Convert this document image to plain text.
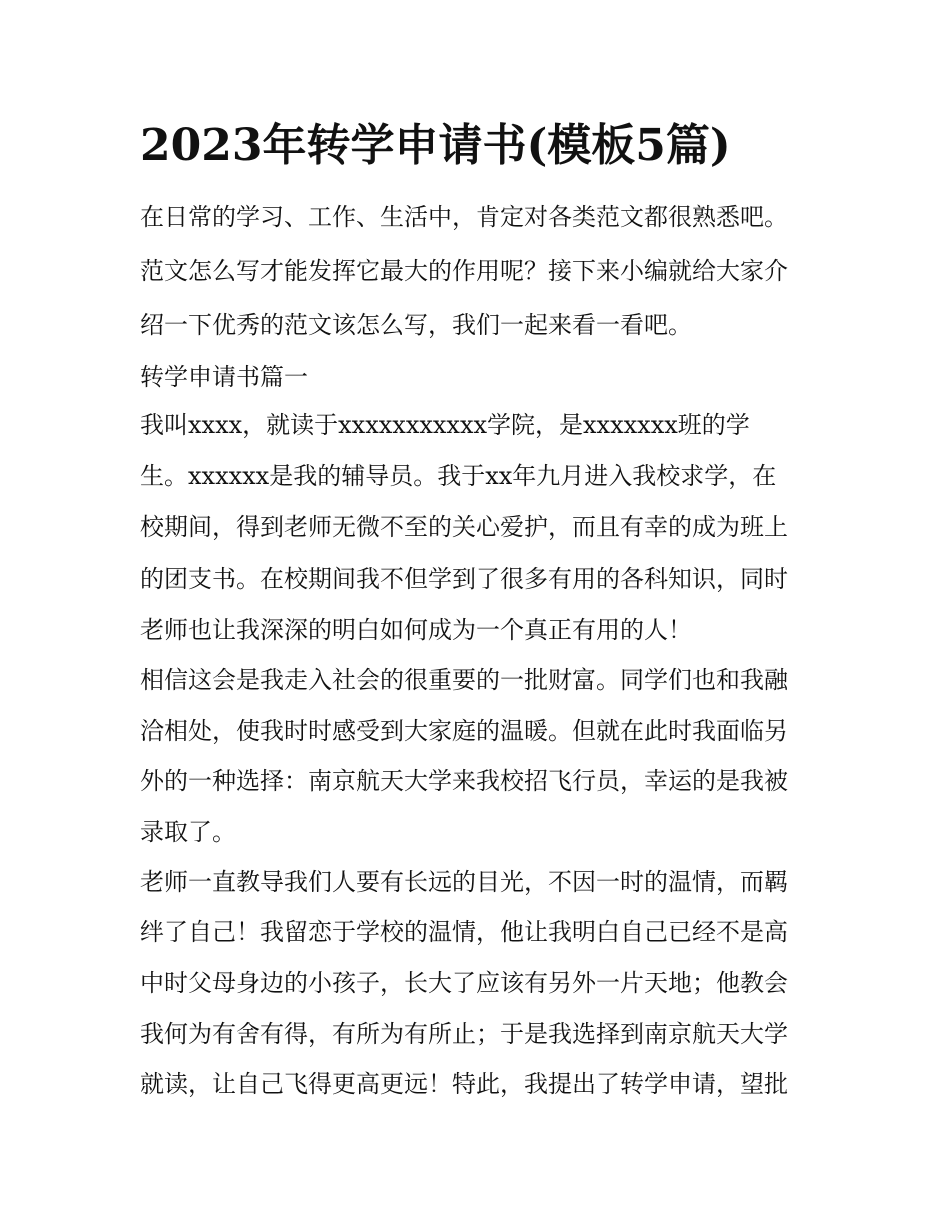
2023年转学申请书(模板5篇)

在日常的学习、工作、生活中，肯定对各类范文都很熟悉吧。

范文怎么写才能发挥它最大的作用呢？接下来小编就给大家介

绍一下优秀的范文该怎么写，我们一起来看一看吧。

转学申请书篇一

我叫xxxx，就读于xxxxxxxxxxx学院，是xxxxxxx班的学

生。xxxxxx是我的辅导员。我于xx年九月进入我校求学，在

校期间，得到老师无微不至的关心爱护，而且有幸的成为班上

的团支书。在校期间我不但学到了很多有用的各科知识，同时

老师也让我深深的明白如何成为一个真正有用的人！

相信这会是我走入社会的很重要的一批财富。同学们也和我融

洽相处，使我时时感受到大家庭的温暖。但就在此时我面临另

外的一种选择：南京航天大学来我校招飞行员，幸运的是我被

录取了。

老师一直教导我们人要有长远的目光，不因一时的温情，而羁

绊了自己！我留恋于学校的温情，他让我明白自己已经不是高

中时父母身边的小孩子，长大了应该有另外一片天地；他教会

我何为有舍有得，有所为有所止；于是我选择到南京航天大学

就读，让自己飞得更高更远！特此，我提出了转学申请，望批
